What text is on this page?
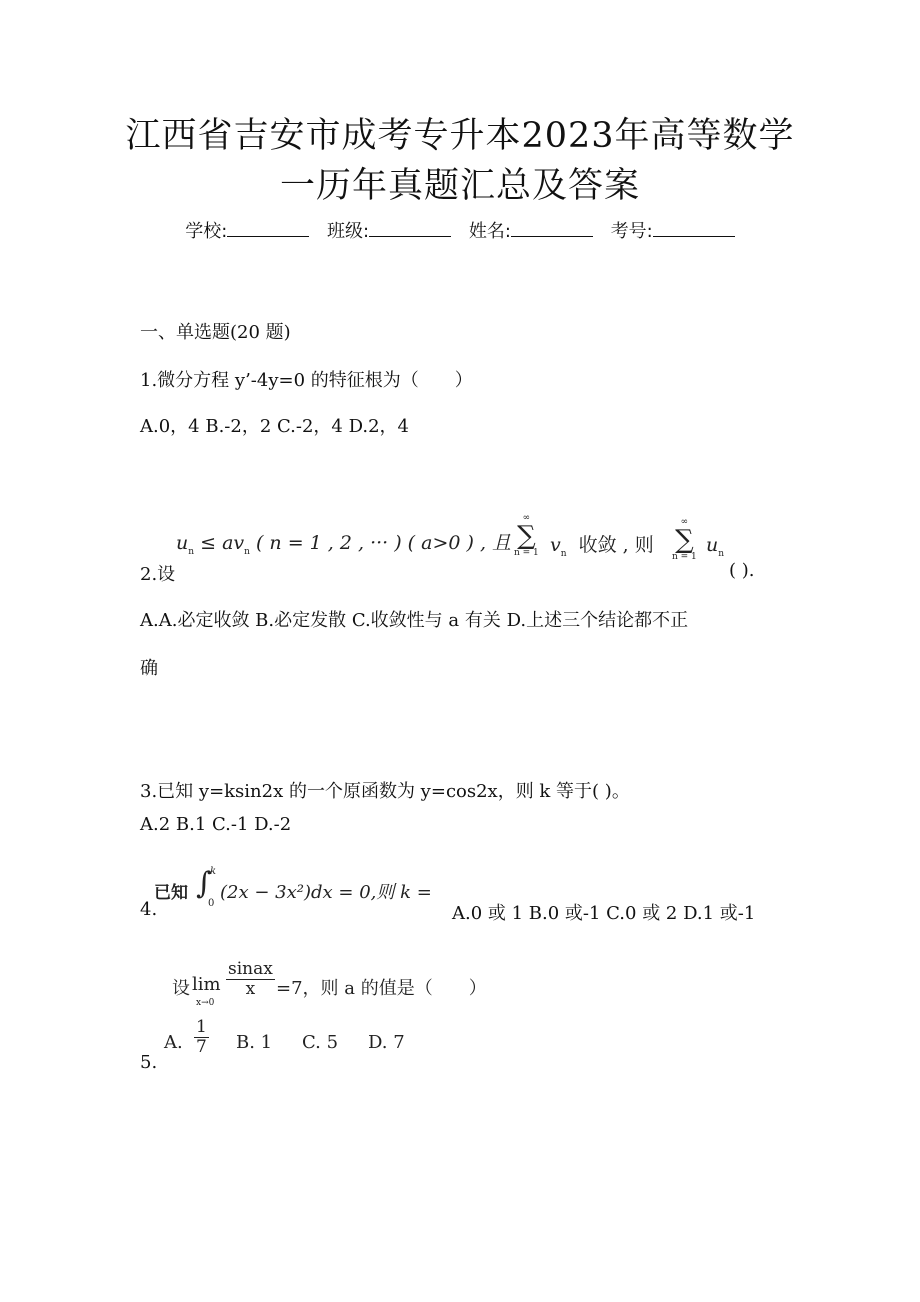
江西省吉安市成考专升本2023年高等数学
一历年真题汇总及答案
学校:	班级:	姓名:	考号:
一、单选题(20 题)
1.微分方程 y’-4y=0 的特征根为（　　）
A.0，4 B.-2，2 C.-2，4 D.2，4
2.设
$u_n \le av_n$ ( n = 1 , 2 , ··· ) ( a>0 ) , 且
∞
∑
n = 1 $v_n$ 收敛 , 则
∞
∑
n = 1
$u_n$
( ).
A.A.必定收敛 B.必定发散 C.收敛性与 a 有关 D.上述三个结论都不正
确
3.已知 y=ksin2x 的一个原函数为 y=cos2x，则 k 等于( )。
A.2 B.1 C.-1 D.-2
4.
已知 ∫
k
0
(2x − 3x²)dx = 0,则 k =
A.0 或 1 B.0 或-1 C.0 或 2 D.1 或-1
5.
设 lim
x→0
$\frac{\text{sinax}}{x} =7$，则 a 的值是（　　）
A. $\frac{1}{7} B$. 1 C. 5 D. 7
